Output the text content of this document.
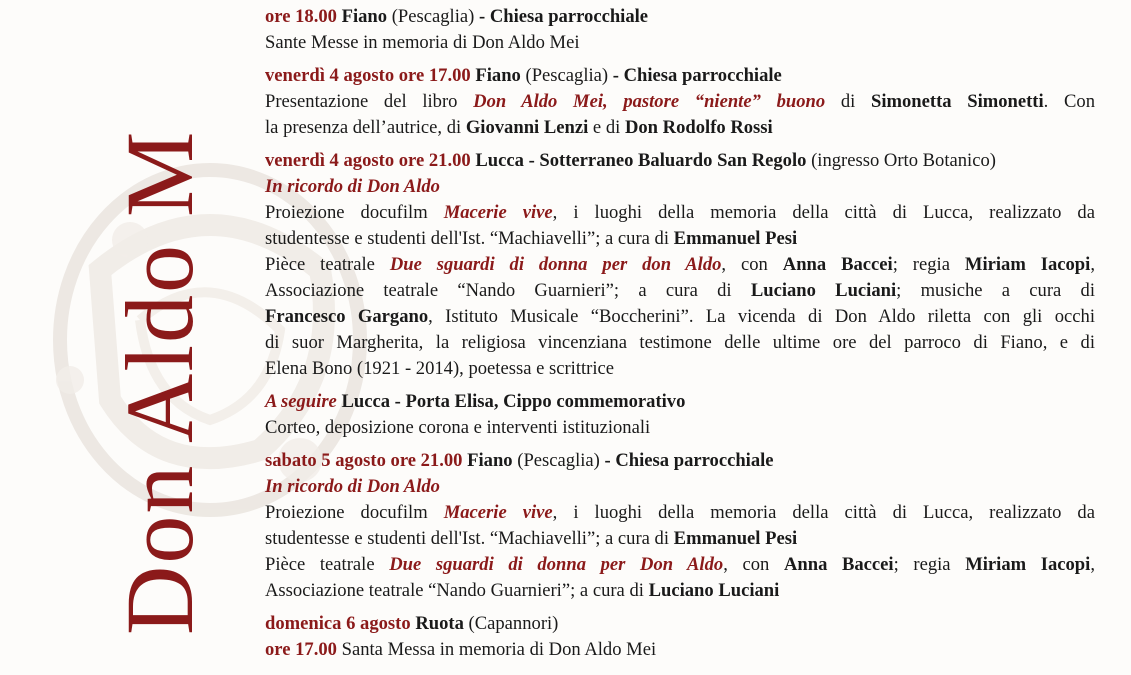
Don Aldo M
ore 18.00 Fiano (Pescaglia) - Chiesa parrocchiale
Sante Messe in memoria di Don Aldo Mei
venerdì 4 agosto ore 17.00 Fiano (Pescaglia) - Chiesa parrocchiale
Presentazione del libro Don Aldo Mei, pastore “niente” buono di Simonetta Simonetti. Con
la presenza dell’autrice, di Giovanni Lenzi e di Don Rodolfo Rossi
venerdì 4 agosto ore 21.00 Lucca - Sotterraneo Baluardo San Regolo (ingresso Orto Botanico)
In ricordo di Don Aldo
Proiezione docufilm Macerie vive, i luoghi della memoria della città di Lucca, realizzato da
studentesse e studenti dell'Ist. “Machiavelli”; a cura di Emmanuel Pesi
Pièce teatrale Due sguardi di donna per don Aldo, con Anna Baccei; regia Miriam Iacopi,
Associazione teatrale “Nando Guarnieri”; a cura di Luciano Luciani; musiche a cura di
Francesco Gargano, Istituto Musicale “Boccherini”. La vicenda di Don Aldo riletta con gli occhi
di suor Margherita, la religiosa vincenziana testimone delle ultime ore del parroco di Fiano, e di
Elena Bono (1921 - 2014), poetessa e scrittrice
A seguire Lucca - Porta Elisa, Cippo commemorativo
Corteo, deposizione corona e interventi istituzionali
sabato 5 agosto ore 21.00 Fiano (Pescaglia) - Chiesa parrocchiale
In ricordo di Don Aldo
Proiezione docufilm Macerie vive, i luoghi della memoria della città di Lucca, realizzato da
studentesse e studenti dell'Ist. “Machiavelli”; a cura di Emmanuel Pesi
Pièce teatrale Due sguardi di donna per Don Aldo, con Anna Baccei; regia Miriam Iacopi,
Associazione teatrale “Nando Guarnieri”; a cura di Luciano Luciani
domenica 6 agosto Ruota (Capannori)
ore 17.00 Santa Messa in memoria di Don Aldo Mei
